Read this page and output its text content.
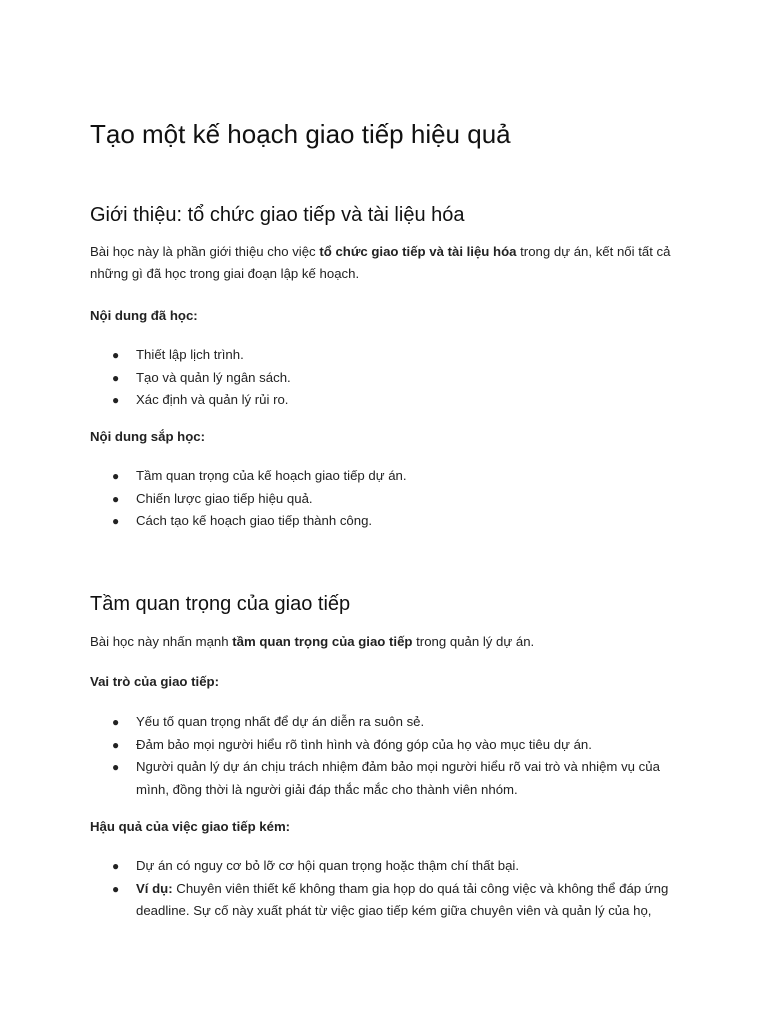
Tạo một kế hoạch giao tiếp hiệu quả
Giới thiệu: tổ chức giao tiếp và tài liệu hóa

Bài học này là phần giới thiệu cho việc tổ chức giao tiếp và tài liệu hóa trong dự án, kết nối tất cả những gì đã học trong giai đoạn lập kế hoạch.

Nội dung đã học:

● Thiết lập lịch trình.
● Tạo và quản lý ngân sách.
● Xác định và quản lý rủi ro.

Nội dung sắp học:

● Tầm quan trọng của kế hoạch giao tiếp dự án.
● Chiến lược giao tiếp hiệu quả.
● Cách tạo kế hoạch giao tiếp thành công.
Tầm quan trọng của giao tiếp

Bài học này nhấn mạnh tầm quan trọng của giao tiếp trong quản lý dự án.

Vai trò của giao tiếp:

● Yếu tố quan trọng nhất để dự án diễn ra suôn sẻ.
● Đảm bảo mọi người hiểu rõ tình hình và đóng góp của họ vào mục tiêu dự án.
● Người quản lý dự án chịu trách nhiệm đảm bảo mọi người hiểu rõ vai trò và nhiệm vụ của mình, đồng thời là người giải đáp thắc mắc cho thành viên nhóm.

Hậu quả của việc giao tiếp kém:

● Dự án có nguy cơ bỏ lỡ cơ hội quan trọng hoặc thậm chí thất bại.
● Ví dụ: Chuyên viên thiết kế không tham gia họp do quá tải công việc và không thể đáp ứng deadline. Sự cố này xuất phát từ việc giao tiếp kém giữa chuyên viên và quản lý của họ,
